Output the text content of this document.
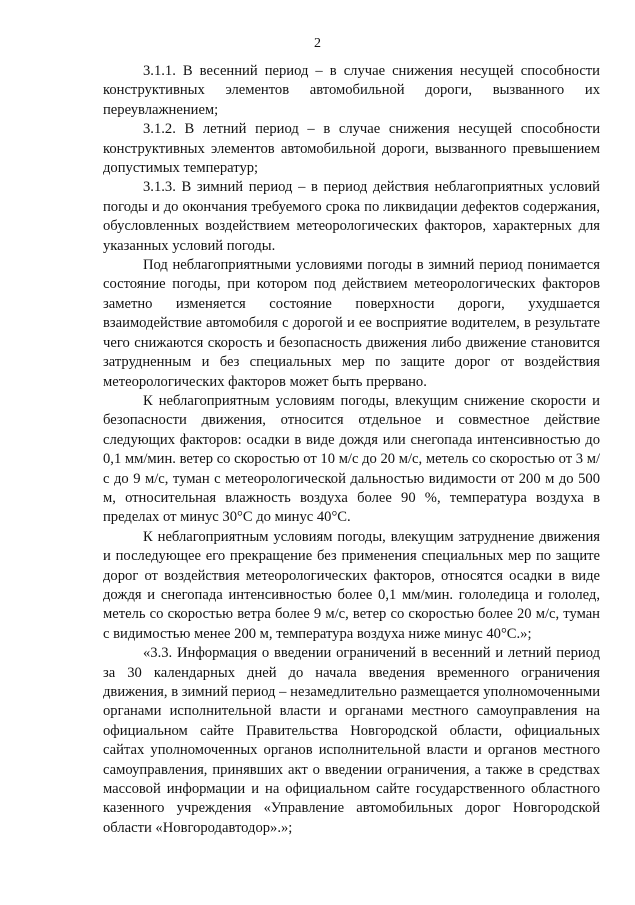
2

3.1.1. В весенний период – в случае снижения несущей способности конструктивных элементов автомобильной дороги, вызванного их переувлажнением;

3.1.2. В летний период – в случае снижения несущей способности конструктивных элементов автомобильной дороги, вызванного превышением допустимых температур;

3.1.3. В зимний период – в период действия неблагоприятных условий погоды и до окончания требуемого срока по ликвидации дефектов содержания, обусловленных воздействием метеорологических факторов, характерных для указанных условий погоды.

Под неблагоприятными условиями погоды в зимний период понимается состояние погоды, при котором под действием метеорологических факторов заметно изменяется состояние поверхности дороги, ухудшается взаимодействие автомобиля с дорогой и ее восприятие водителем, в результате чего снижаются скорость и безопасность движения либо движение становится затрудненным и без специальных мер по защите дорог от воздействия метеорологических факторов может быть прервано.

К неблагоприятным условиям погоды, влекущим снижение скорости и безопасности движения, относится отдельное и совместное действие следующих факторов: осадки в виде дождя или снегопада интенсивностью до 0,1 мм/мин. ветер со скоростью от 10 м/с до 20 м/с, метель со скоростью от 3 м/с до 9 м/с, туман с метеорологической дальностью видимости от 200 м до 500 м, относительная влажность воздуха более 90 %, температура воздуха в пределах от минус 30°С до минус 40°С.

К неблагоприятным условиям погоды, влекущим затруднение движения и последующее его прекращение без применения специальных мер по защите дорог от воздействия метеорологических факторов, относятся осадки в виде дождя и снегопада интенсивностью более 0,1 мм/мин. гололедица и гололед, метель со скоростью ветра более 9 м/с, ветер со скоростью более 20 м/с, туман с видимостью менее 200 м, температура воздуха ниже минус 40°С.»;

«3.3. Информация о введении ограничений в весенний и летний период за 30 календарных дней до начала введения временного ограничения движения, в зимний период – незамедлительно размещается уполномоченными органами исполнительной власти и органами местного самоуправления на официальном сайте Правительства Новгородской области, официальных сайтах уполномоченных органов исполнительной власти и органов местного самоуправления, принявших акт о введении ограничения, а также в средствах массовой информации и на официальном сайте государственного областного казенного учреждения «Управление автомобильных дорог Новгородской области «Новгородавтодор».»;
